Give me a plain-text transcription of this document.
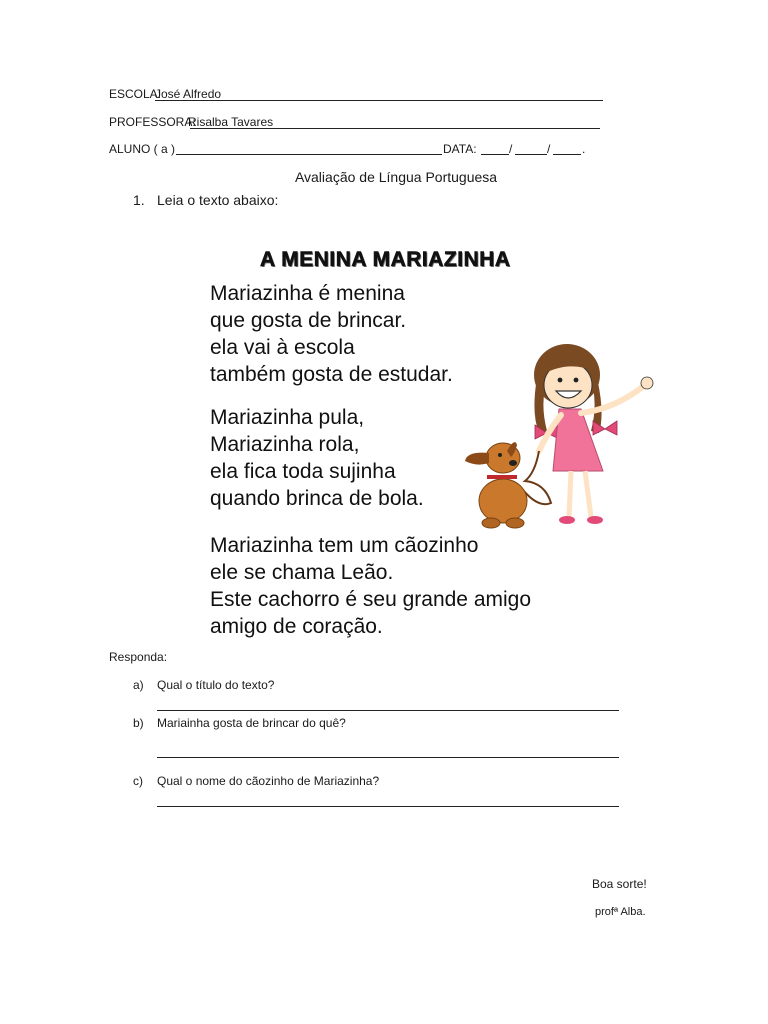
ESCOLA:
José Alfredo
PROFESSORA:
Risalba Tavares
ALUNO ( a )	DATA:	/	/	.
Avaliação de Língua Portuguesa
1. Leia o texto abaixo:
A MENINA MARIAZINHA
Mariazinha é menina
que gosta de brincar.
ela vai à escola
também gosta de estudar.
Mariazinha pula,
Mariazinha rola,
ela fica toda sujinha
quando brinca de bola.
Mariazinha tem um cãozinho
ele se chama Leão.
Este cachorro é seu grande amigo
amigo de coração.
Responda:
a) Qual o título do texto?
b) Mariainha gosta de brincar do quê?
c) Qual o nome do cãozinho de Mariazinha?
Boa sorte!
profª Alba.
